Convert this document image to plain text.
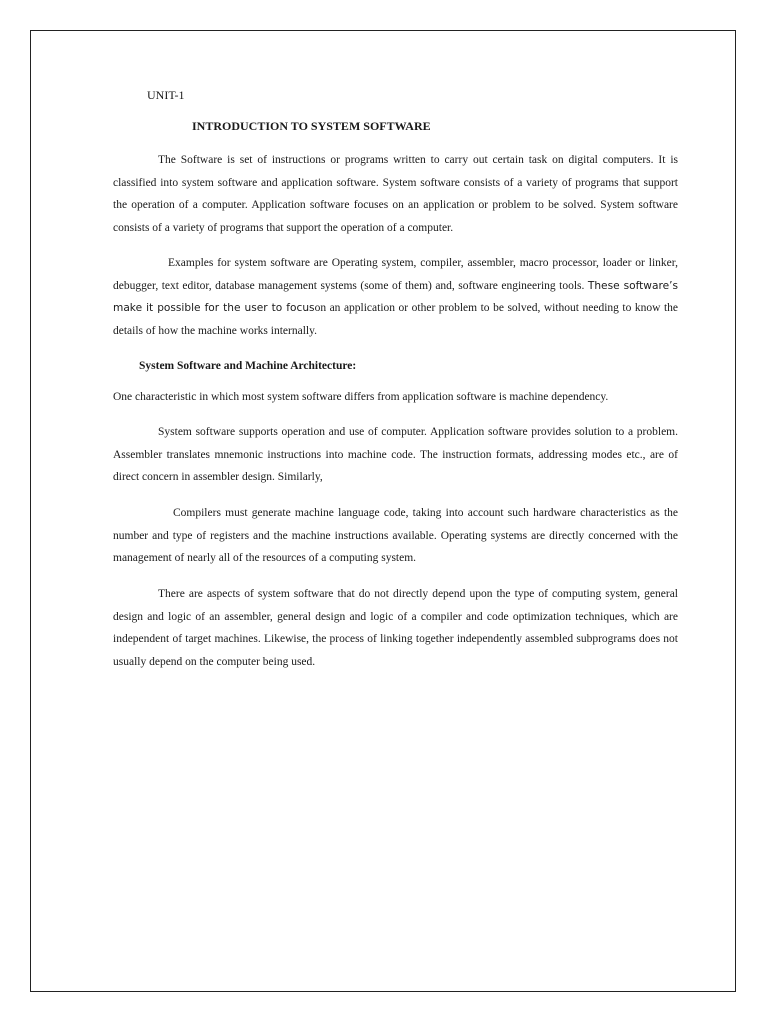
UNIT-1
INTRODUCTION TO SYSTEM SOFTWARE

The Software is set of instructions or programs written to carry out certain task on digital computers. It is classified into system software and application software. System software consists of a variety of programs that support the operation of a computer. Application software focuses on an application or problem to be solved. System software consists of a variety of programs that support the operation of a computer.

Examples for system software are Operating system, compiler, assembler, macro processor, loader or linker, debugger, text editor, database management systems (some of them) and, software engineering tools. These software’s make it possible for the user to focuson an application or other problem to be solved, without needing to know the details of how the machine works internally.

System Software and Machine Architecture:

One characteristic in which most system software differs from application software is machine dependency.

System software supports operation and use of computer. Application software provides solution to a problem. Assembler translates mnemonic instructions into machine code. The instruction formats, addressing modes etc., are of direct concern in assembler design. Similarly,

Compilers must generate machine language code, taking into account such hardware characteristics as the number and type of registers and the machine instructions available. Operating systems are directly concerned with the management of nearly all of the resources of a computing system.

There are aspects of system software that do not directly depend upon the type of computing system, general design and logic of an assembler, general design and logic of a compiler and code optimization techniques, which are independent of target machines. Likewise, the process of linking together independently assembled subprograms does not usually depend on the computer being used.
